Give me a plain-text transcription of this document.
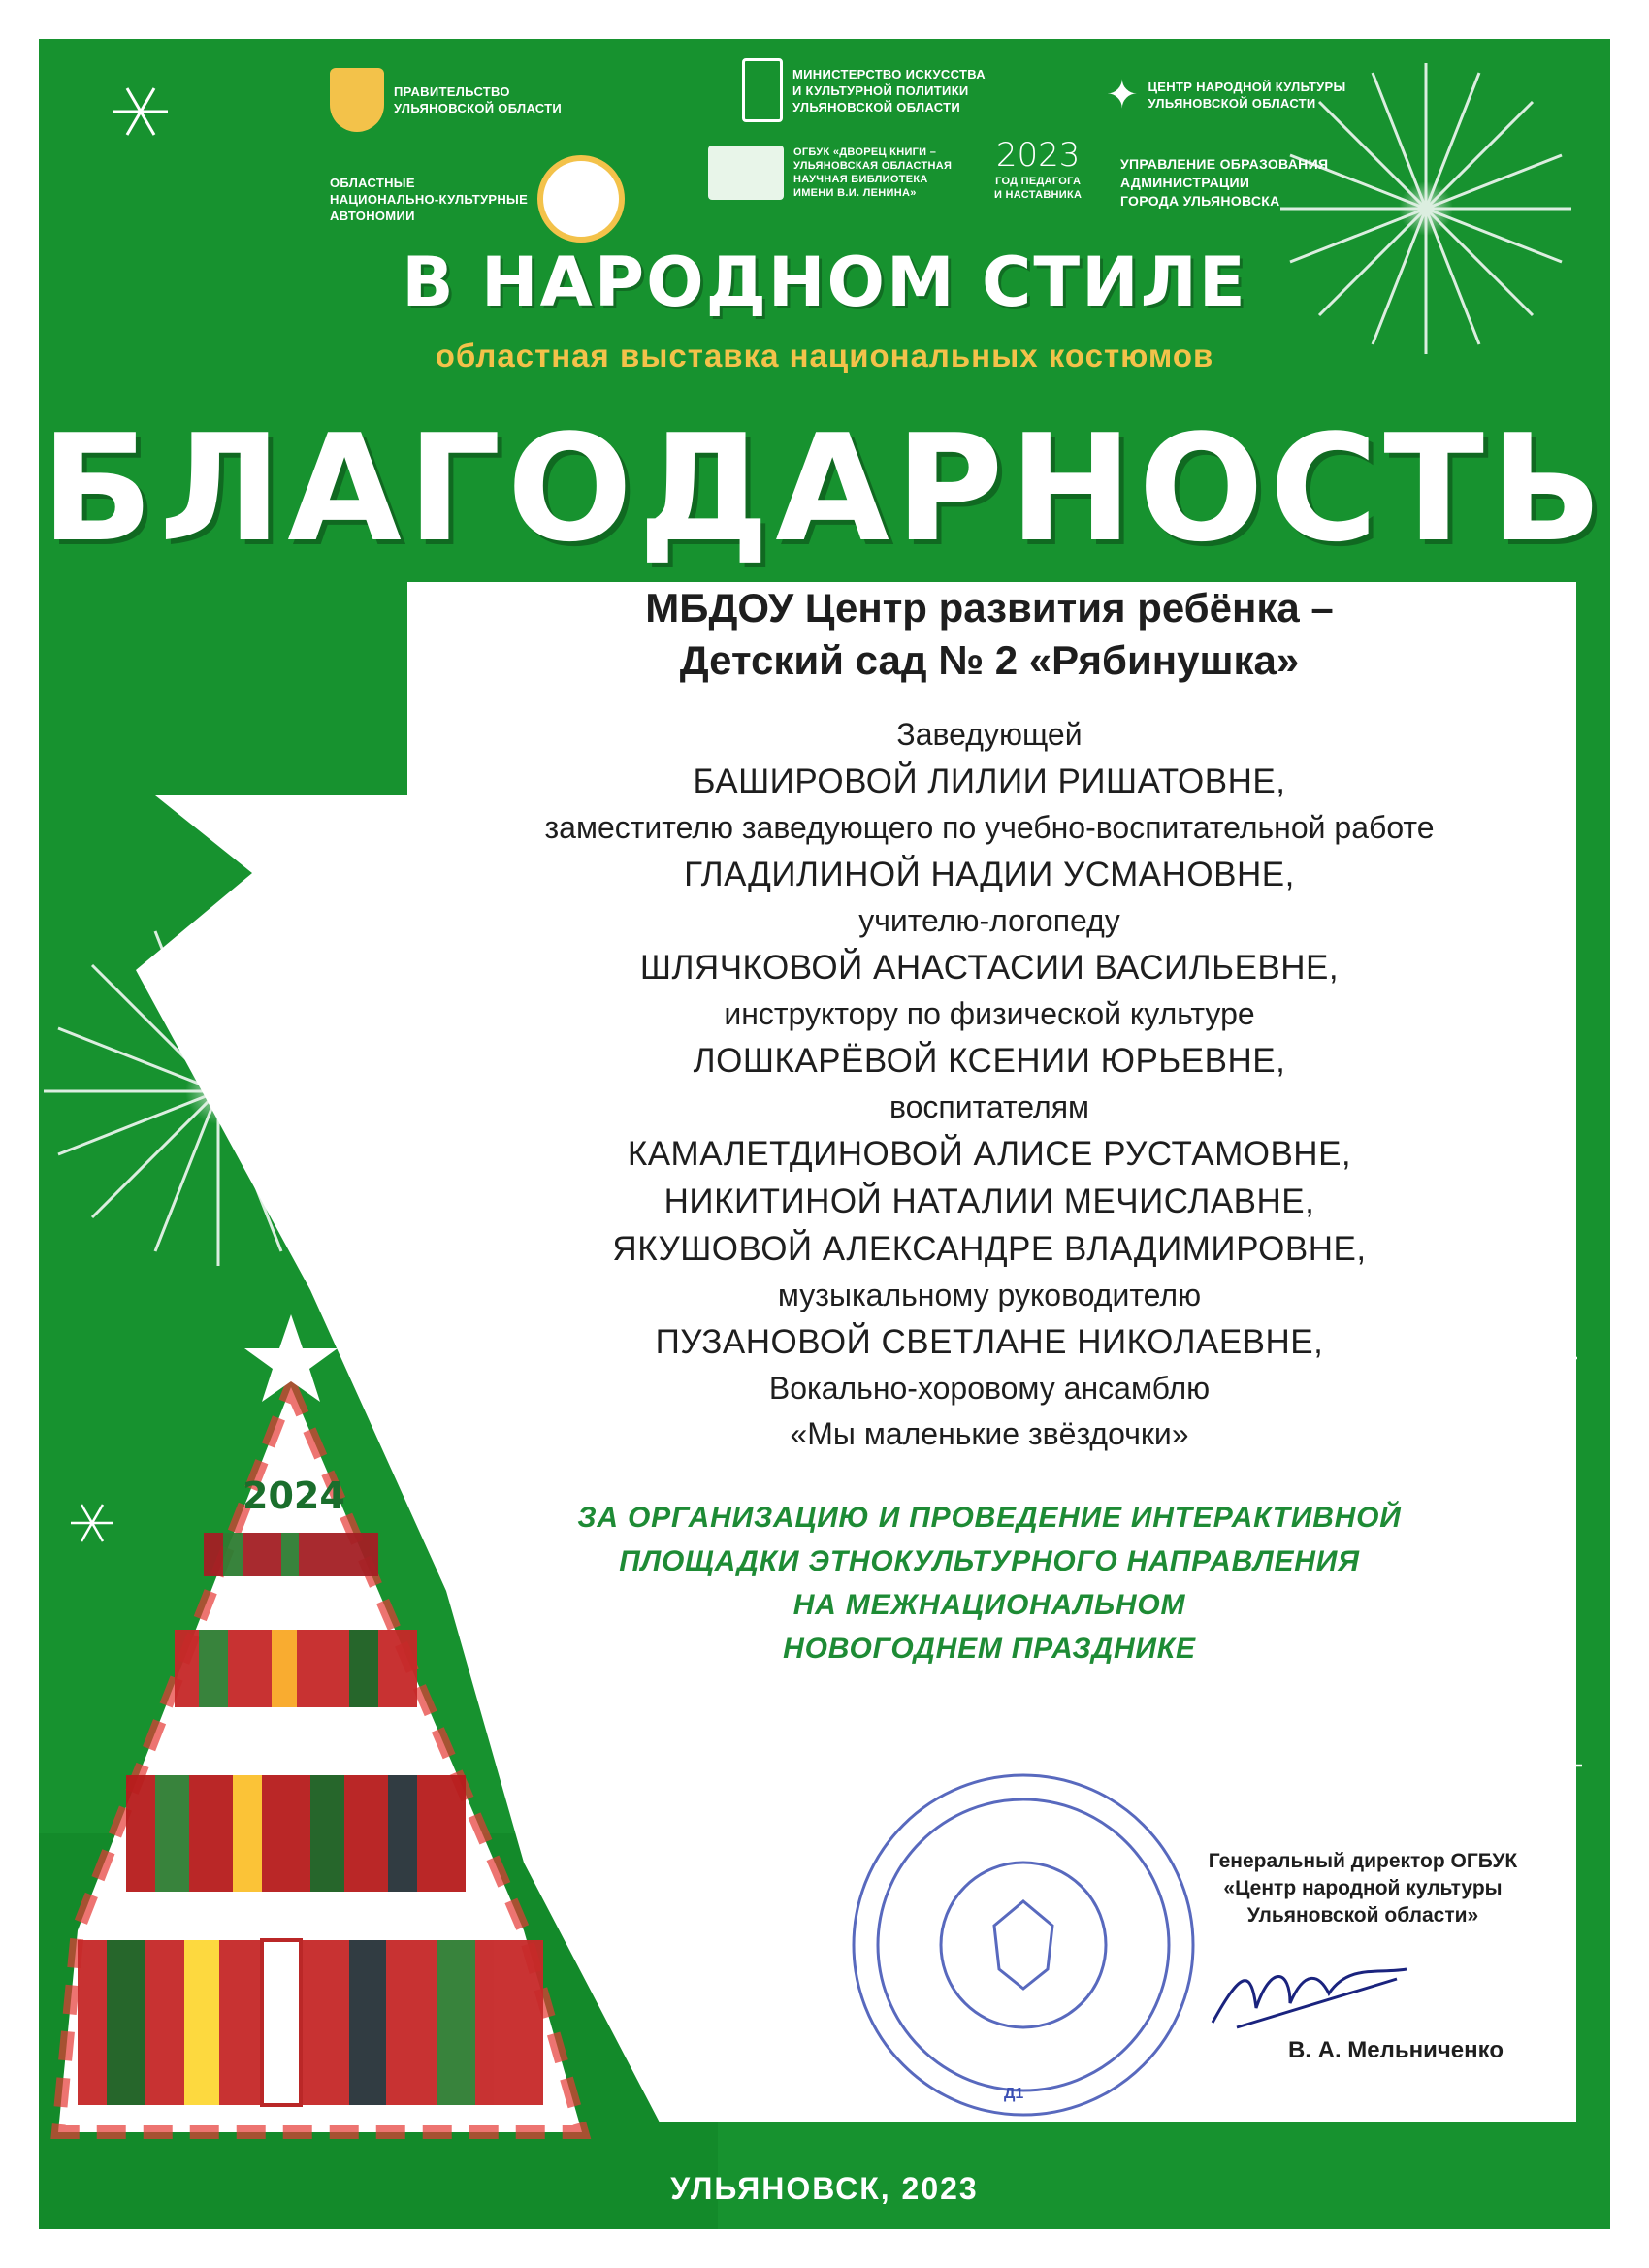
ПРАВИТЕЛЬСТВО
УЛЬЯНОВСКОЙ ОБЛАСТИ
МИНИСТЕРСТВО ИСКУССТВА
И КУЛЬТУРНОЙ ПОЛИТИКИ
УЛЬЯНОВСКОЙ ОБЛАСТИ	✦ ЦЕНТР НАРОДНОЙ КУЛЬТУРЫ
УЛЬЯНОВСКОЙ ОБЛАСТИ
ОБЛАСТНЫЕ
НАЦИОНАЛЬНО-КУЛЬТУРНЫЕ
АВТОНОМИИ
ОГБУК «ДВОРЕЦ КНИГИ –
УЛЬЯНОВСКАЯ ОБЛАСТНАЯ
НАУЧНАЯ БИБЛИОТЕКА
ИМЕНИ В.И. ЛЕНИНА»
2023
ГОД ПЕДАГОГА
И НАСТАВНИКА
УПРАВЛЕНИЕ ОБРАЗОВАНИЯ
АДМИНИСТРАЦИИ
ГОРОДА УЛЬЯНОВСКА
В НАРОДНОМ СТИЛЕ
областная выставка национальных костюмов
БЛАГОДАРНОСТЬ
МБДОУ Центр развития ребёнка –
Детский сад № 2 «Рябинушка»
Заведующей
БАШИРОВОЙ ЛИЛИИ РИШАТОВНЕ,
заместителю заведующего по учебно-воспитательной работе
ГЛАДИЛИНОЙ НАДИИ УСМАНОВНЕ,
учителю-логопеду
ШЛЯЧКОВОЙ АНАСТАСИИ ВАСИЛЬЕВНЕ,
инструктору по физической культуре
ЛОШКАРЁВОЙ КСЕНИИ ЮРЬЕВНЕ,
воспитателям
КАМАЛЕТДИНОВОЙ АЛИСЕ РУСТАМОВНЕ,
НИКИТИНОЙ НАТАЛИИ МЕЧИСЛАВНЕ,
ЯКУШОВОЙ АЛЕКСАНДРЕ ВЛАДИМИРОВНЕ,
музыкальному руководителю
ПУЗАНОВОЙ СВЕТЛАНЕ НИКОЛАЕВНЕ,
Вокально-хоровому ансамблю
«Мы маленькие звёздочки»
ЗА ОРГАНИЗАЦИЮ И ПРОВЕДЕНИЕ ИНТЕРАКТИВНОЙ
ПЛОЩАДКИ ЭТНОКУЛЬТУРНОГО НАПРАВЛЕНИЯ
НА МЕЖНАЦИОНАЛЬНОМ
НОВОГОДНЕМ ПРАЗДНИКЕ
2024
Д1
Генеральный директор ОГБУК
«Центр народной культуры
Ульяновской области»
В. А. Мельниченко
УЛЬЯНОВСК, 2023
